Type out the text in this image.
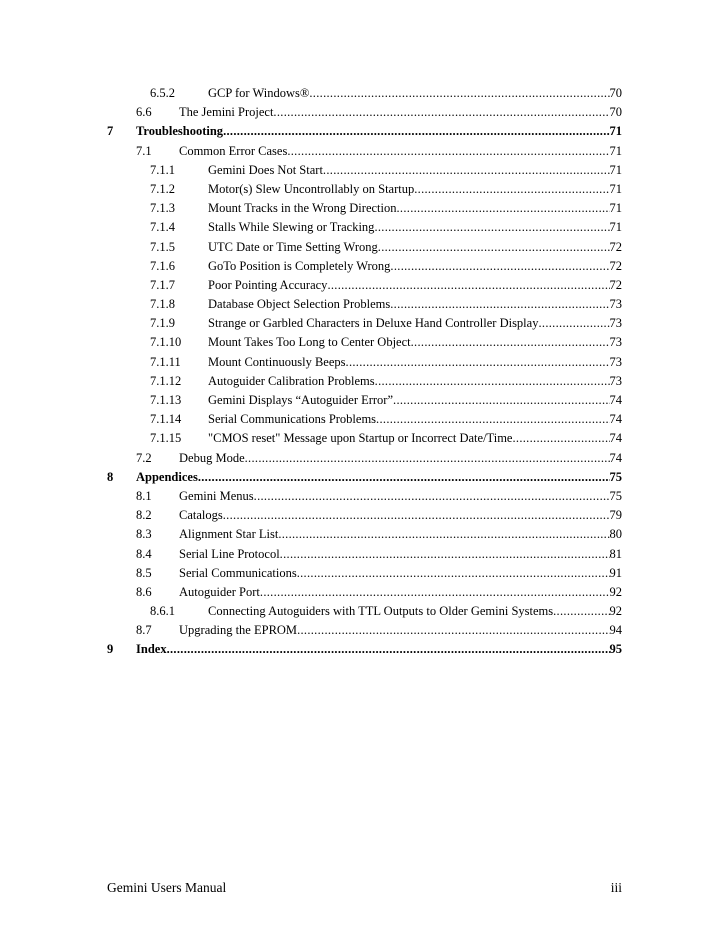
6.5.2	GCP for Windows® .....	70
6.6 The Jemini Project .....	70
7 Troubleshooting .....	71
7.1 Common Error Cases .....	71
7.1.1	Gemini Does Not Start .....	71
7.1.2	Motor(s) Slew Uncontrollably on Startup .....	71
7.1.3	Mount Tracks in the Wrong Direction .....	71
7.1.4	Stalls While Slewing or Tracking .....	71
7.1.5	UTC Date or Time Setting Wrong .....	72
7.1.6	GoTo Position is Completely Wrong .....	72
7.1.7	Poor Pointing Accuracy .....	72
7.1.8	Database Object Selection Problems .....	73
7.1.9	Strange or Garbled Characters in Deluxe Hand Controller Display .....	73
7.1.10 Mount Takes Too Long to Center Object .....	73
7.1.11 Mount Continuously Beeps .....	73
7.1.12 Autoguider Calibration Problems .....	73
7.1.13 Gemini Displays “Autoguider Error” .....	74
7.1.14 Serial Communications Problems .....	74
7.1.15 "CMOS reset" Message upon Startup or Incorrect Date/Time .....	74
7.2 Debug Mode .....	74
8 Appendices .....	75
8.1 Gemini Menus .....	75
8.2 Catalogs .....	79
8.3 Alignment Star List .....	80
8.4 Serial Line Protocol .....	81
8.5 Serial Communications .....	91
8.6 Autoguider Port .....	92
8.6.1	Connecting Autoguiders with TTL Outputs to Older Gemini Systems .....	92
8.7 Upgrading the EPROM .....	94
9 Index .....	95
Gemini Users Manual	iii
